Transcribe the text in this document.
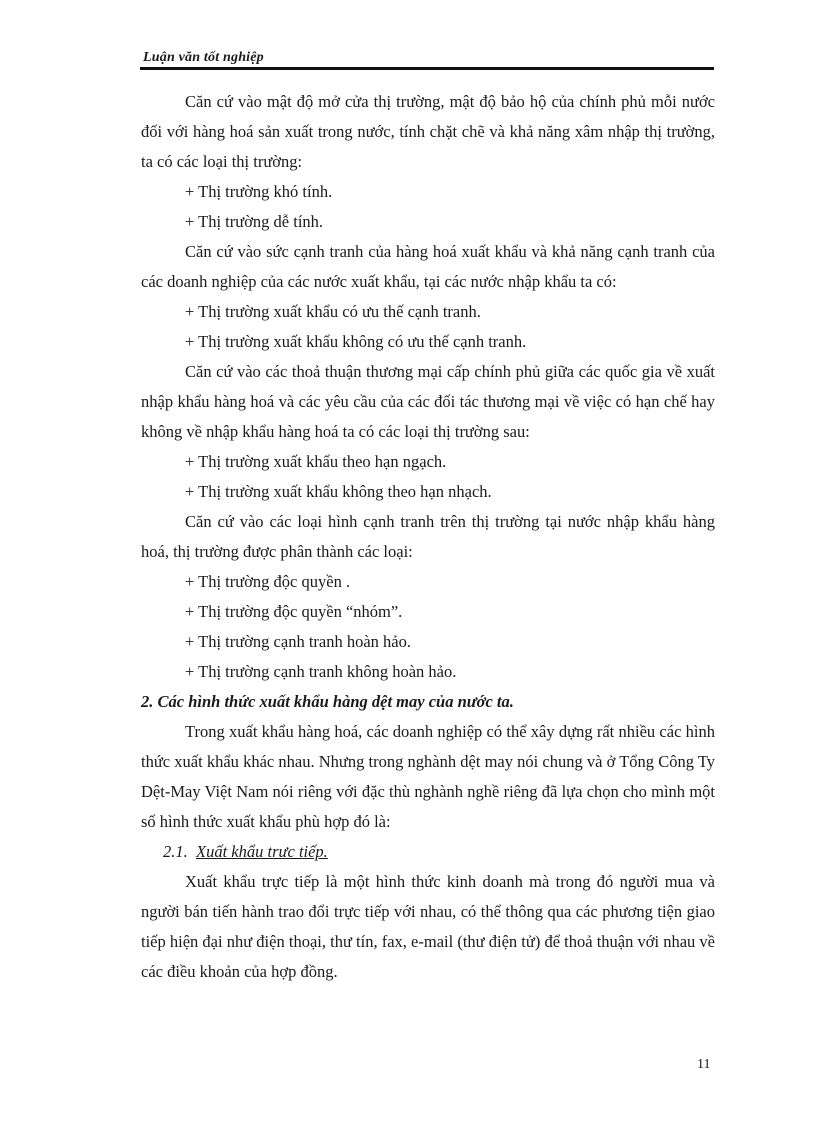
Luận văn tốt nghiệp

Căn cứ vào mật độ mở cửa thị trường, mật độ bảo hộ của chính phủ mỗi nước đối với hàng hoá sản xuất trong nước, tính chặt chẽ và khả năng xâm nhập thị trường, ta có các loại thị trường:

+ Thị trường khó tính.

+ Thị trường dễ tính.

Căn cứ vào sức cạnh tranh của hàng hoá xuất khẩu và khả năng cạnh tranh của các doanh nghiệp của các nước xuất khẩu, tại các nước nhập khẩu ta có:

+ Thị trường xuất khẩu có ưu thế cạnh tranh.

+ Thị trường xuất khẩu không có ưu thế cạnh tranh.

Căn cứ vào các thoả thuận thương mại cấp chính phủ giữa các quốc gia về xuất nhập khẩu hàng hoá và các yêu cầu của các đối tác thương mại về việc có hạn chế hay không về nhập khẩu hàng hoá ta có các loại thị trường sau:

+ Thị trường xuất khẩu theo hạn ngạch.

+ Thị trường xuất khẩu không theo hạn nhạch.

Căn cứ vào các loại hình cạnh tranh trên thị trường tại nước nhập khẩu hàng hoá, thị trường được phân thành các loại:

+ Thị trường độc quyền .

+ Thị trường độc quyền “nhóm”.

+ Thị trường cạnh tranh hoàn hảo.

+ Thị trường cạnh tranh không hoàn hảo.

2. Các hình thức xuất khẩu hàng dệt may của nước ta.

Trong xuất khẩu hàng hoá, các doanh nghiệp có thể xây dựng rất nhiều các hình thức xuất khẩu khác nhau. Nhưng trong nghành dệt may nói chung và ở Tổng Công Ty Dệt-May Việt Nam nói riêng với đặc thù nghành nghề riêng đã lựa chọn cho mình một số hình thức xuất khẩu phù hợp đó là:

2.1. Xuất khẩu trưc tiếp.

Xuất khẩu trực tiếp là một hình thức kinh doanh mà trong đó người mua và người bán tiến hành trao đổi trực tiếp với nhau, có thể thông qua các phương tiện giao tiếp hiện đại như điện thoại, thư tín, fax, e-mail (thư điện tử) để thoả thuận với nhau về các điều khoản của hợp đồng.

11
